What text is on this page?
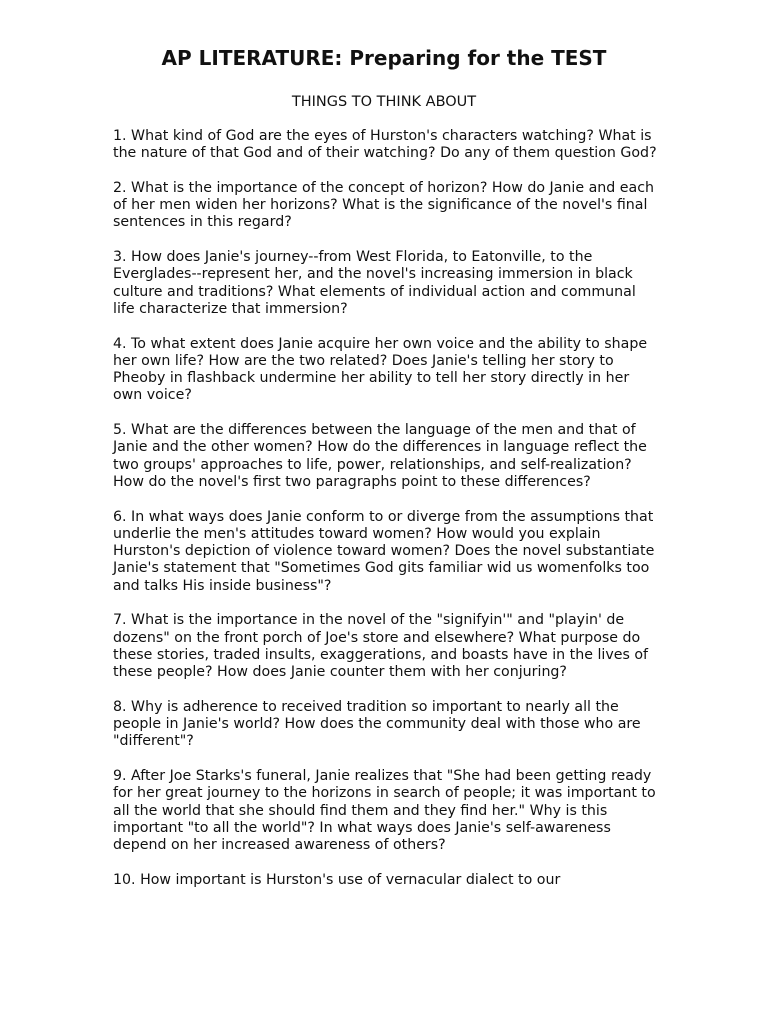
AP LITERATURE: Preparing for the TEST
THINGS TO THINK ABOUT
1. What kind of God are the eyes of Hurston's characters watching? What is the nature of that God and of their watching? Do any of them question God?
2. What is the importance of the concept of horizon? How do Janie and each of her men widen her horizons? What is the significance of the novel's final sentences in this regard?
3. How does Janie's journey--from West Florida, to Eatonville, to the Everglades--represent her, and the novel's increasing immersion in black culture and traditions? What elements of individual action and communal life characterize that immersion?
4. To what extent does Janie acquire her own voice and the ability to shape her own life? How are the two related? Does Janie's telling her story to Pheoby in flashback undermine her ability to tell her story directly in her own voice?
5. What are the differences between the language of the men and that of Janie and the other women? How do the differences in language reflect the two groups' approaches to life, power, relationships, and self-realization? How do the novel's first two paragraphs point to these differences?
6. In what ways does Janie conform to or diverge from the assumptions that underlie the men's attitudes toward women? How would you explain Hurston's depiction of violence toward women? Does the novel substantiate Janie's statement that "Sometimes God gits familiar wid us womenfolks too and talks His inside business"?
7. What is the importance in the novel of the "signifyin'" and "playin' de dozens" on the front porch of Joe's store and elsewhere? What purpose do these stories, traded insults, exaggerations, and boasts have in the lives of these people? How does Janie counter them with her conjuring?
8. Why is adherence to received tradition so important to nearly all the people in Janie's world? How does the community deal with those who are "different"?
9. After Joe Starks's funeral, Janie realizes that "She had been getting ready for her great journey to the horizons in search of people; it was important to all the world that she should find them and they find her." Why is this important "to all the world"? In what ways does Janie's self-awareness depend on her increased awareness of others?
10. How important is Hurston's use of vernacular dialect to our
